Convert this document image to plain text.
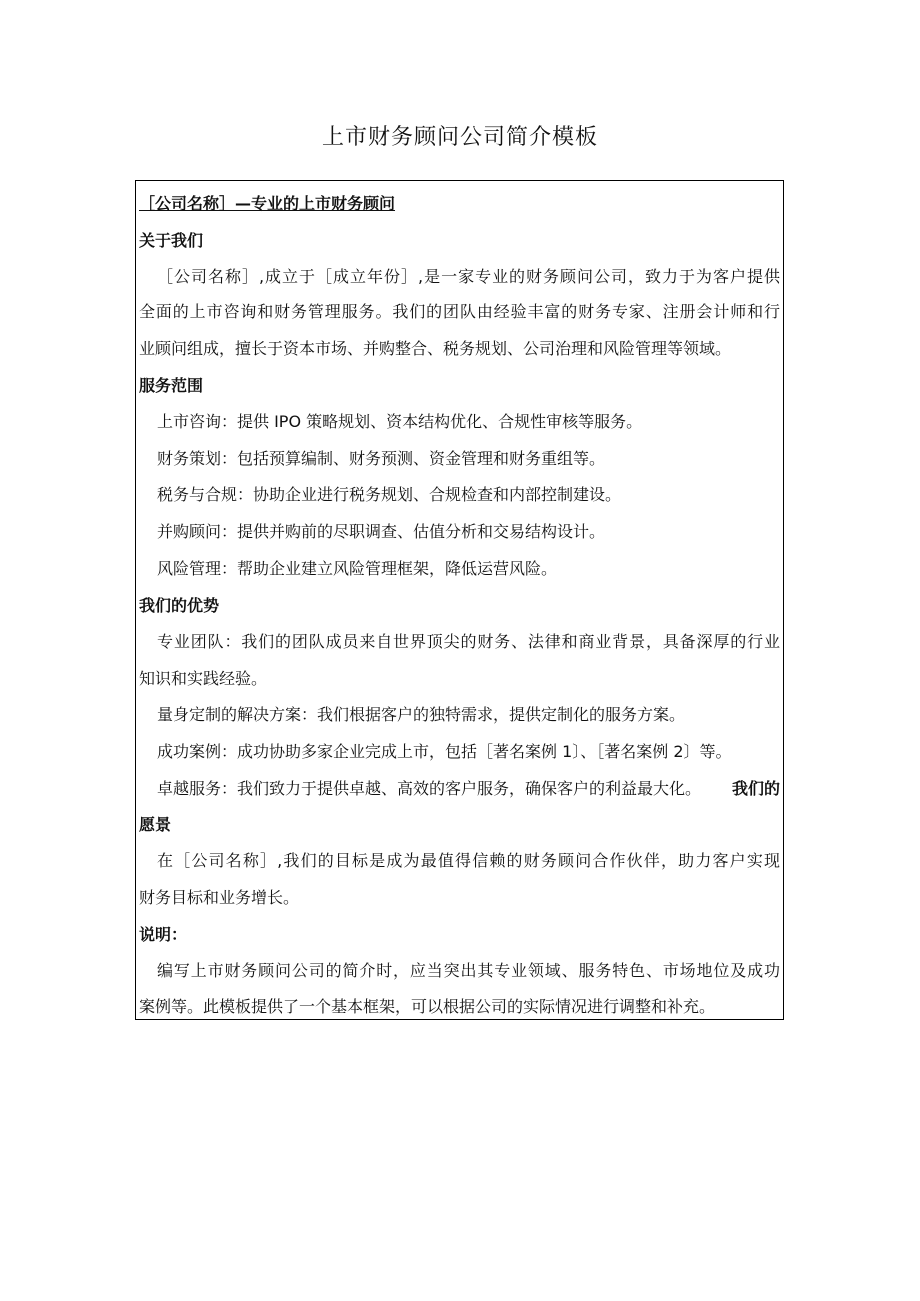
上市财务顾问公司简介模板
［公司名称］—专业的上市财务顾问
关于我们
［公司名称］,成立于［成立年份］,是一家专业的财务顾问公司，致力于为客户提供
全面的上市咨询和财务管理服务。我们的团队由经验丰富的财务专家、注册会计师和行
业顾问组成，擅长于资本市场、并购整合、税务规划、公司治理和风险管理等领域。
服务范围
上市咨询：提供 IPO 策略规划、资本结构优化、合规性审核等服务。
财务策划：包括预算编制、财务预测、资金管理和财务重组等。
税务与合规：协助企业进行税务规划、合规检查和内部控制建设。
并购顾问：提供并购前的尽职调查、估值分析和交易结构设计。
风险管理：帮助企业建立风险管理框架，降低运营风险。
我们的优势
专业团队：我们的团队成员来自世界顶尖的财务、法律和商业背景，具备深厚的行业
知识和实践经验。
量身定制的解决方案：我们根据客户的独特需求，提供定制化的服务方案。
成功案例：成功协助多家企业完成上市，包括［著名案例 1〕、［著名案例 2〕等。
卓越服务：我们致力于提供卓越、高效的客户服务，确保客户的利益最大化。 我们的
愿景
在［公司名称］,我们的目标是成为最值得信赖的财务顾问合作伙伴，助力客户实现
财务目标和业务增长。
说明：
编写上市财务顾问公司的简介时，应当突出其专业领域、服务特色、市场地位及成功
案例等。此模板提供了一个基本框架，可以根据公司的实际情况进行调整和补充。
